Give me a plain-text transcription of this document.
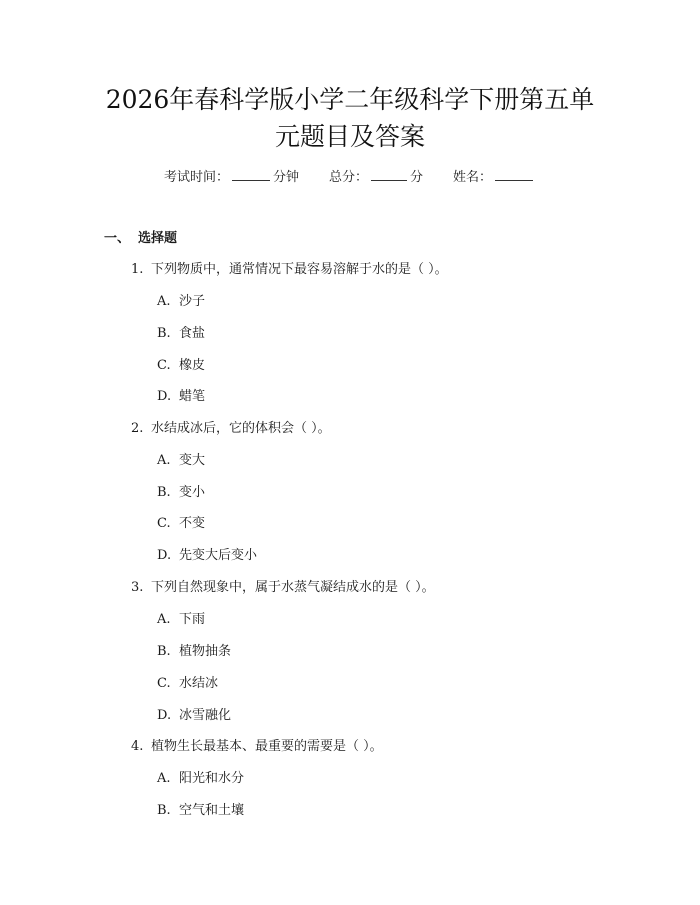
2026年春科学版小学二年级科学下册第五单
元题目及答案
考试时间：	分钟 总分：	分 姓名：
一、 选择题
1. 下列物质中，通常情况下最容易溶解于水的是（ ）。
A. 沙子
B. 食盐
C. 橡皮
D. 蜡笔
2. 水结成冰后，它的体积会（ ）。
A. 变大
B. 变小
C. 不变
D. 先变大后变小
3. 下列自然现象中，属于水蒸气凝结成水的是（ ）。
A. 下雨
B. 植物抽条
C. 水结冰
D. 冰雪融化
4. 植物生长最基本、最重要的需要是（ ）。
A. 阳光和水分
B. 空气和土壤
